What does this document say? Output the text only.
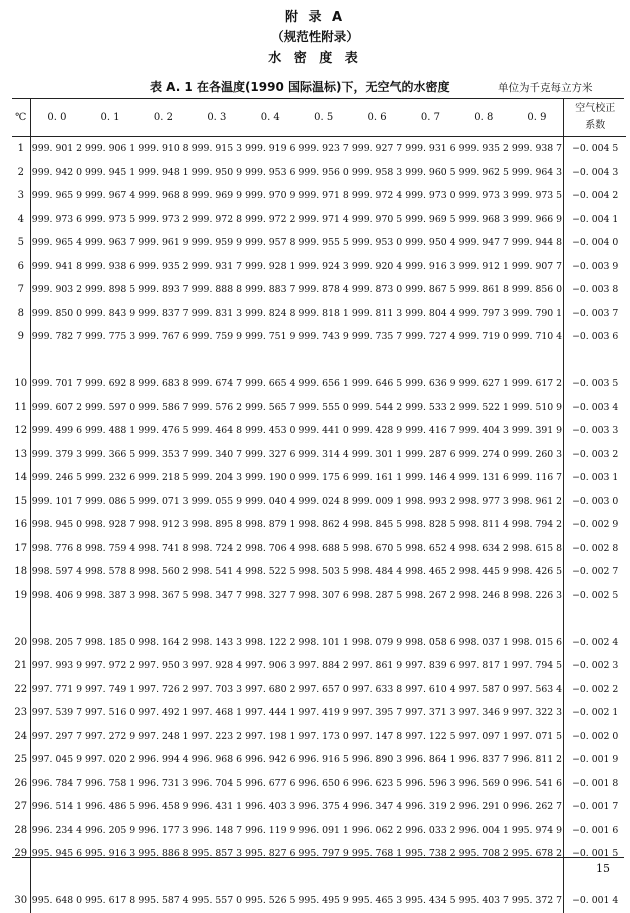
附 录 A
（规范性附录）
水 密 度 表
表 A. 1 在各温度(1990 国际温标)下，无空气的水密度	单位为千克每立方米
℃	0. 0	0. 1	0. 2	0. 3	0. 4	0. 5	0. 6	0. 7	0. 8	0. 9	空气校正
系数

1	999. 901 2	999. 906 1	999. 910 8	999. 915 3	999. 919 6	999. 923 7	999. 927 7	999. 931 6	999. 935 2	999. 938 7	−0. 004 5
2	999. 942 0	999. 945 1	999. 948 1	999. 950 9	999. 953 6	999. 956 0	999. 958 3	999. 960 5	999. 962 5	999. 964 3	−0. 004 3
3	999. 965 9	999. 967 4	999. 968 8	999. 969 9	999. 970 9	999. 971 8	999. 972 4	999. 973 0	999. 973 3	999. 973 5	−0. 004 2
4	999. 973 6	999. 973 5	999. 973 2	999. 972 8	999. 972 2	999. 971 4	999. 970 5	999. 969 5	999. 968 3	999. 966 9	−0. 004 1
5	999. 965 4	999. 963 7	999. 961 9	999. 959 9	999. 957 8	999. 955 5	999. 953 0	999. 950 4	999. 947 7	999. 944 8	−0. 004 0
6	999. 941 8	999. 938 6	999. 935 2	999. 931 7	999. 928 1	999. 924 3	999. 920 4	999. 916 3	999. 912 1	999. 907 7	−0. 003 9
7	999. 903 2	999. 898 5	999. 893 7	999. 888 8	999. 883 7	999. 878 4	999. 873 0	999. 867 5	999. 861 8	999. 856 0	−0. 003 8
8	999. 850 0	999. 843 9	999. 837 7	999. 831 3	999. 824 8	999. 818 1	999. 811 3	999. 804 4	999. 797 3	999. 790 1	−0. 003 7
9	999. 782 7	999. 775 3	999. 767 6	999. 759 9	999. 751 9	999. 743 9	999. 735 7	999. 727 4	999. 719 0	999. 710 4	−0. 003 6

10	999. 701 7	999. 692 8	999. 683 8	999. 674 7	999. 665 4	999. 656 1	999. 646 5	999. 636 9	999. 627 1	999. 617 2	−0. 003 5
11	999. 607 2	999. 597 0	999. 586 7	999. 576 2	999. 565 7	999. 555 0	999. 544 2	999. 533 2	999. 522 1	999. 510 9	−0. 003 4
12	999. 499 6	999. 488 1	999. 476 5	999. 464 8	999. 453 0	999. 441 0	999. 428 9	999. 416 7	999. 404 3	999. 391 9	−0. 003 3
13	999. 379 3	999. 366 5	999. 353 7	999. 340 7	999. 327 6	999. 314 4	999. 301 1	999. 287 6	999. 274 0	999. 260 3	−0. 003 2
14	999. 246 5	999. 232 6	999. 218 5	999. 204 3	999. 190 0	999. 175 6	999. 161 1	999. 146 4	999. 131 6	999. 116 7	−0. 003 1
15	999. 101 7	999. 086 5	999. 071 3	999. 055 9	999. 040 4	999. 024 8	999. 009 1	998. 993 2	998. 977 3	998. 961 2	−0. 003 0
16	998. 945 0	998. 928 7	998. 912 3	998. 895 8	998. 879 1	998. 862 4	998. 845 5	998. 828 5	998. 811 4	998. 794 2	−0. 002 9
17	998. 776 8	998. 759 4	998. 741 8	998. 724 2	998. 706 4	998. 688 5	998. 670 5	998. 652 4	998. 634 2	998. 615 8	−0. 002 8
18	998. 597 4	998. 578 8	998. 560 2	998. 541 4	998. 522 5	998. 503 5	998. 484 4	998. 465 2	998. 445 9	998. 426 5	−0. 002 7
19	998. 406 9	998. 387 3	998. 367 5	998. 347 7	998. 327 7	998. 307 6	998. 287 5	998. 267 2	998. 246 8	998. 226 3	−0. 002 5

20	998. 205 7	998. 185 0	998. 164 2	998. 143 3	998. 122 2	998. 101 1	998. 079 9	998. 058 6	998. 037 1	998. 015 6	−0. 002 4
21	997. 993 9	997. 972 2	997. 950 3	997. 928 4	997. 906 3	997. 884 2	997. 861 9	997. 839 6	997. 817 1	997. 794 5	−0. 002 3
22	997. 771 9	997. 749 1	997. 726 2	997. 703 3	997. 680 2	997. 657 0	997. 633 8	997. 610 4	997. 587 0	997. 563 4	−0. 002 2
23	997. 539 7	997. 516 0	997. 492 1	997. 468 1	997. 444 1	997. 419 9	997. 395 7	997. 371 3	997. 346 9	997. 322 3	−0. 002 1
24	997. 297 7	997. 272 9	997. 248 1	997. 223 2	997. 198 1	997. 173 0	997. 147 8	997. 122 5	997. 097 1	997. 071 5	−0. 002 0
25	997. 045 9	997. 020 2	996. 994 4	996. 968 6	996. 942 6	996. 916 5	996. 890 3	996. 864 1	996. 837 7	996. 811 2	−0. 001 9
26	996. 784 7	996. 758 1	996. 731 3	996. 704 5	996. 677 6	996. 650 6	996. 623 5	996. 596 3	996. 569 0	996. 541 6	−0. 001 8
27	996. 514 1	996. 486 5	996. 458 9	996. 431 1	996. 403 3	996. 375 4	996. 347 4	996. 319 2	996. 291 0	996. 262 7	−0. 001 7
28	996. 234 4	996. 205 9	996. 177 3	996. 148 7	996. 119 9	996. 091 1	996. 062 2	996. 033 2	996. 004 1	995. 974 9	−0. 001 6
29	995. 945 6	995. 916 3	995. 886 8	995. 857 3	995. 827 6	995. 797 9	995. 768 1	995. 738 2	995. 708 2	995. 678 2	−0. 001 5

30	995. 648 0	995. 617 8	995. 587 4	995. 557 0	995. 526 5	995. 495 9	995. 465 3	995. 434 5	995. 403 7	995. 372 7	−0. 001 4
15
